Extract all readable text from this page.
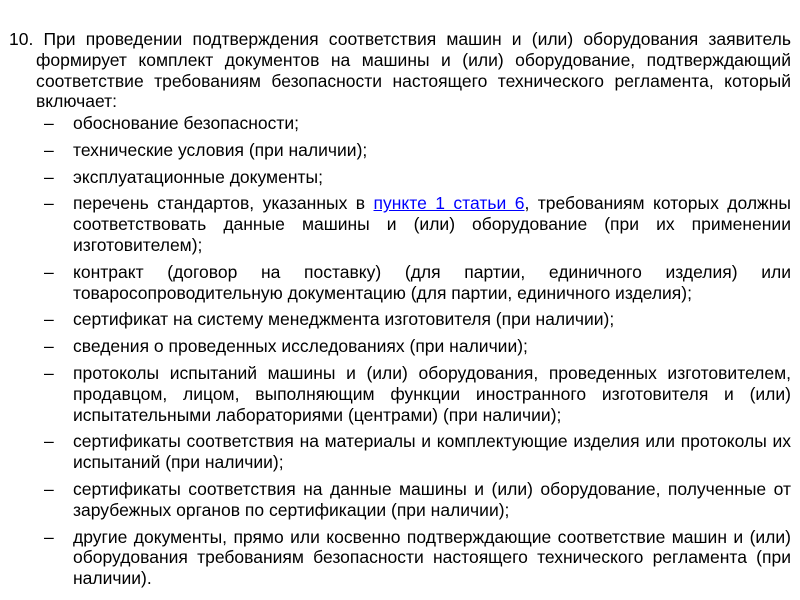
10. При проведении подтверждения соответствия машин и (или) оборудования заявитель формирует комплект документов на машины и (или) оборудование, подтверждающий соответствие требованиям безопасности настоящего технического регламента, который включает:
– обоснование безопасности;
– технические условия (при наличии);
– эксплуатационные документы;
– перечень стандартов, указанных в пункте 1 статьи 6, требованиям которых должны соответствовать данные машины и (или) оборудование (при их применении изготовителем);
– контракт (договор на поставку) (для партии, единичного изделия) или товаросопроводительную документацию (для партии, единичного изделия);
– сертификат на систему менеджмента изготовителя (при наличии);
– сведения о проведенных исследованиях (при наличии);
– протоколы испытаний машины и (или) оборудования, проведенных изготовителем, продавцом, лицом, выполняющим функции иностранного изготовителя и (или) испытательными лабораториями (центрами) (при наличии);
– сертификаты соответствия на материалы и комплектующие изделия или протоколы их испытаний (при наличии);
– сертификаты соответствия на данные машины и (или) оборудование, полученные от зарубежных органов по сертификации (при наличии);
– другие документы, прямо или косвенно подтверждающие соответствие машин и (или) оборудования требованиям безопасности настоящего технического регламента (при наличии).
